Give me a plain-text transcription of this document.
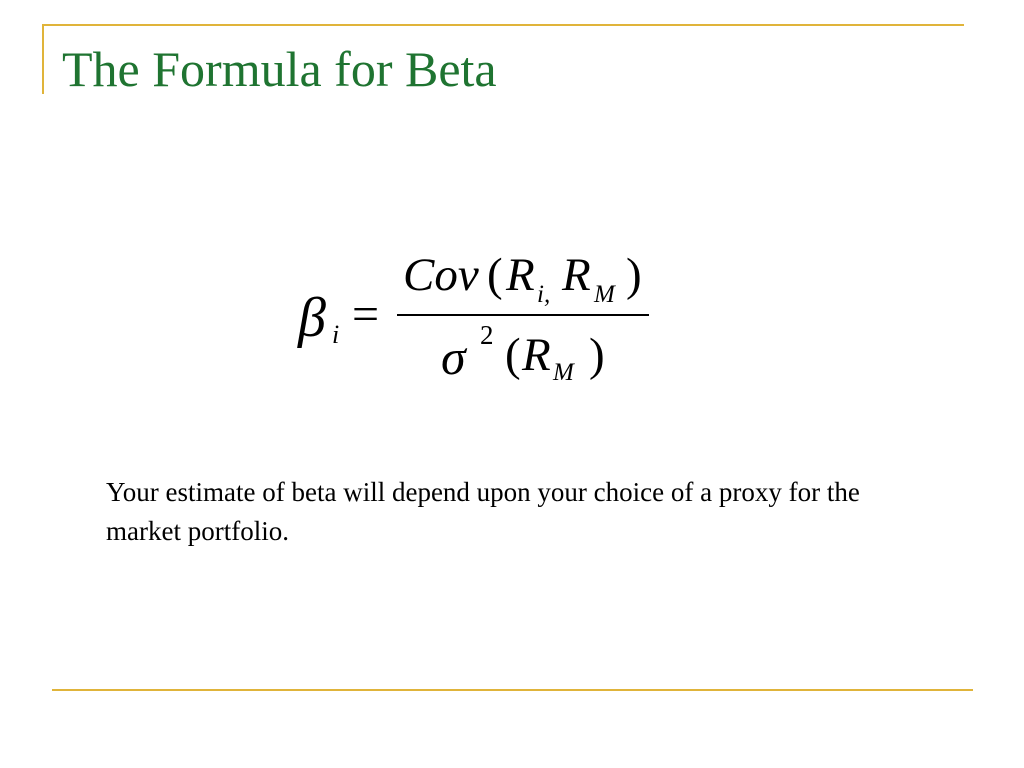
The Formula for Beta
β i =
Cov ( R i, R M )
σ 2 ( R M )

Your estimate of beta will depend upon your choice of a proxy for the market portfolio.
